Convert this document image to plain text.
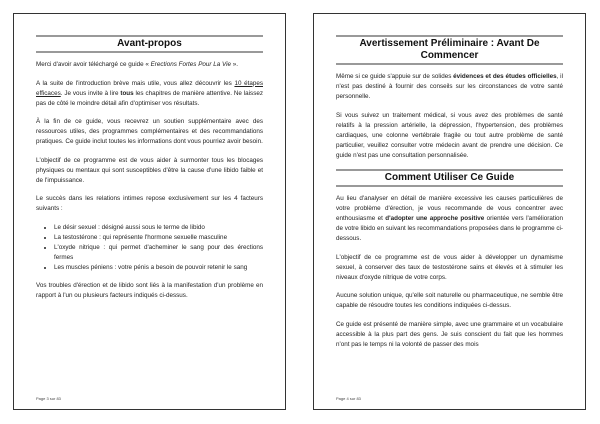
Avant-propos

Merci d'avoir avoir téléchargé ce guide « Erections Fortes Pour La Vie ».

A la suite de l'introduction brève mais utile, vous allez découvrir les 10 étapes efficaces. Je vous invite à lire tous les chapitres de manière attentive. Ne laissez pas de côté le moindre détail afin d'optimiser vos résultats.

À la fin de ce guide, vous recevrez un soutien supplémentaire avec des ressources utiles, des programmes complémentaires et des recommandations pratiques. Ce guide inclut toutes les informations dont vous pourriez avoir besoin.

L'objectif de ce programme est de vous aider à surmonter tous les blocages physiques ou mentaux qui sont susceptibles d'être la cause d'une libido faible et de l'impuissance.

Le succès dans les relations intimes repose exclusivement sur les 4 facteurs suivants :

• Le désir sexuel : désigné aussi sous le terme de libido
• La testostérone : qui représente l'hormone sexuelle masculine
• L'oxyde nitrique : qui permet d'acheminer le sang pour des érections fermes
• Les muscles péniens : votre pénis a besoin de pouvoir retenir le sang

Vos troubles d'érection et de libido sont liés à la manifestation d'un problème en rapport à l'un ou plusieurs facteurs indiqués ci-dessus.

Page 3 sur 83
Avertissement Préliminaire : Avant De Commencer

Même si ce guide s'appuie sur de solides évidences et des études officielles, il n'est pas destiné à fournir des conseils sur les circonstances de votre santé personnelle.

Si vous suivez un traitement médical, si vous avez des problèmes de santé relatifs à la pression artérielle, la dépression, l'hypertension, des problèmes cardiaques, une colonne vertébrale fragile ou tout autre problème de santé particulier, veuillez consulter votre médecin avant de prendre une décision. Ce guide n'est pas une consultation personnalisée.

Comment Utiliser Ce Guide

Au lieu d'analyser en détail de manière excessive les causes particulières de votre problème d'érection, je vous recommande de vous concentrer avec enthousiasme et d'adopter une approche positive orientée vers l'amélioration de votre libido en suivant les recommandations proposées dans le programme ci-dessous.

L'objectif de ce programme est de vous aider à développer un dynamisme sexuel, à conserver des taux de testostérone sains et élevés et à stimuler les niveaux d'oxyde nitrique de votre corps.

Aucune solution unique, qu'elle soit naturelle ou pharmaceutique, ne semble être capable de résoudre toutes les conditions indiquées ci-dessus.

Ce guide est présenté de manière simple, avec une grammaire et un vocabulaire accessible à la plus part des gens. Je suis conscient du fait que les hommes n'ont pas le temps ni la volonté de passer des mois

Page 4 sur 83
